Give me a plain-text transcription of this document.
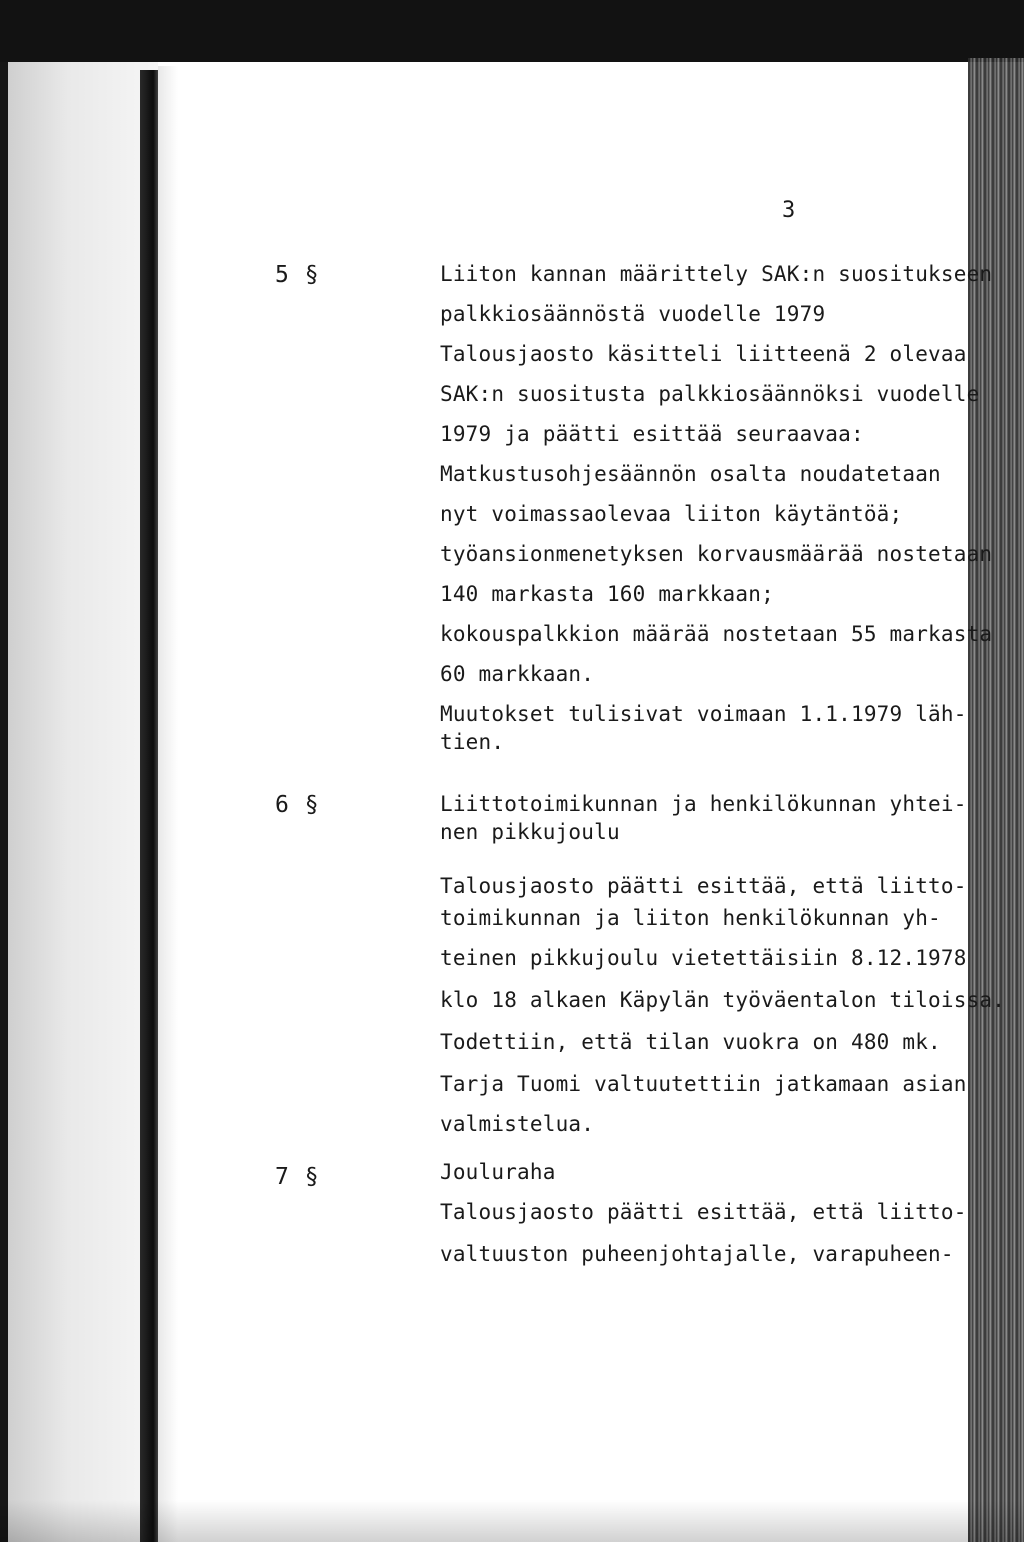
3
5 §	Liiton kannan määrittely SAK:n suositukseen
palkkiosäännöstä vuodelle 1979
Talousjaosto käsitteli liitteenä 2 olevaa
SAK:n suositusta palkkiosäännöksi vuodelle
1979 ja päätti esittää seuraavaa:
Matkustusohjesäännön osalta noudatetaan
nyt voimassaolevaa liiton käytäntöä;
työansionmenetyksen korvausmäärää nostetaan
140 markasta 160 markkaan;
kokouspalkkion määrää nostetaan 55 markasta
60 markkaan.
Muutokset tulisivat voimaan 1.1.1979 läh-
tien.
6 §	Liittotoimikunnan ja henkilökunnan yhtei-
nen pikkujoulu
Talousjaosto päätti esittää, että liitto-
toimikunnan ja liiton henkilökunnan yh-
teinen pikkujoulu vietettäisiin 8.12.1978
klo 18 alkaen Käpylän työväentalon tiloissa.
Todettiin, että tilan vuokra on 480 mk.
Tarja Tuomi valtuutettiin jatkamaan asian
valmistelua.
7 §	Jouluraha
Talousjaosto päätti esittää, että liitto-
valtuuston puheenjohtajalle, varapuheen-
